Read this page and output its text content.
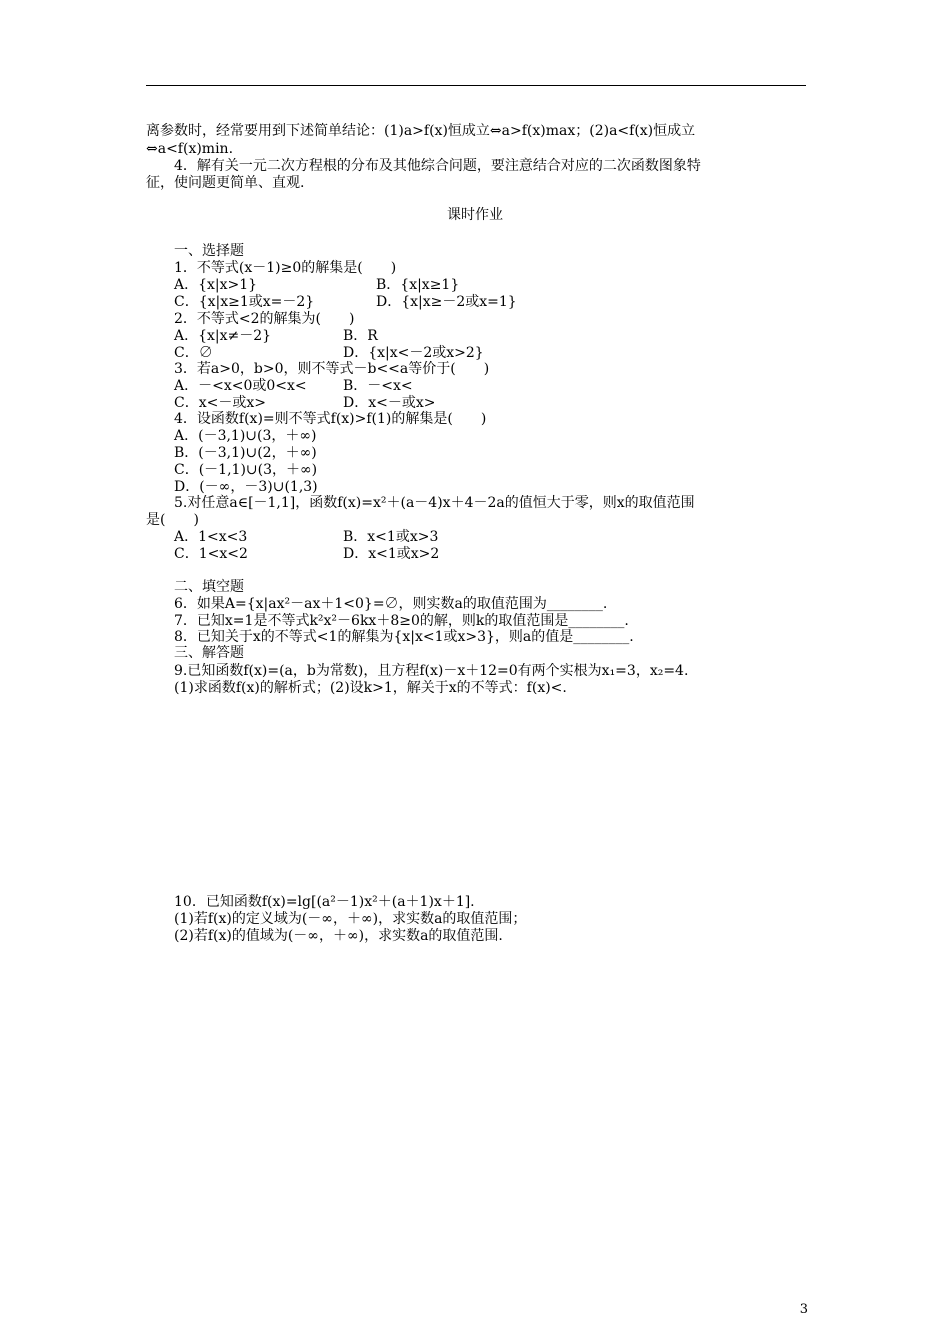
离参数时，经常要用到下述简单结论：(1)a>f(x)恒成立⇔a>f(x)max；(2)a<f(x)恒成立
⇔a<f(x)min.
4．解有关一元二次方程根的分布及其他综合问题，要注意结合对应的二次函数图象特
征，使问题更简单、直观.
课时作业
一、选择题
1．不等式(x－1)≥0的解集是(　　)
A．{x|x>1}	B．{x|x≥1}
C．{x|x≥1或x=－2}	D．{x|x≥－2或x=1}
2．不等式<2的解集为(　　)
A．{x|x≠－2}	B．R
C．∅	D．{x|x<－2或x>2}
3．若a>0，b>0，则不等式－b<<a等价于(　　)
A．－<x<0或0<x<	B．－<x<
C．x<－或x>	D．x<－或x>
4．设函数f(x)=则不等式f(x)>f(1)的解集是(　　)
A．(－3,1)∪(3，＋∞)
B．(－3,1)∪(2，＋∞)
C．(－1,1)∪(3，＋∞)
D．(－∞，－3)∪(1,3)
5.对任意a∈[－1,1]，函数f(x)=x²＋(a－4)x＋4－2a的值恒大于零，则x的取值范围
是(　　)
A．1<x<3	B．x<1或x>3
C．1<x<2	D．x<1或x>2
二、填空题
6．如果A={x|ax²－ax＋1<0}=∅，则实数a的取值范围为________.
7．已知x=1是不等式k²x²－6kx＋8≥0的解，则k的取值范围是________.
8．已知关于x的不等式<1的解集为{x|x<1或x>3}，则a的值是________.
三、解答题
9.已知函数f(x)=(a，b为常数)，且方程f(x)－x＋12=0有两个实根为x₁=3，x₂=4.
(1)求函数f(x)的解析式；(2)设k>1，解关于x的不等式：f(x)<.
10．已知函数f(x)=lg[(a²－1)x²＋(a＋1)x＋1].
(1)若f(x)的定义域为(－∞，＋∞)，求实数a的取值范围；
(2)若f(x)的值域为(－∞，＋∞)，求实数a的取值范围.
3
